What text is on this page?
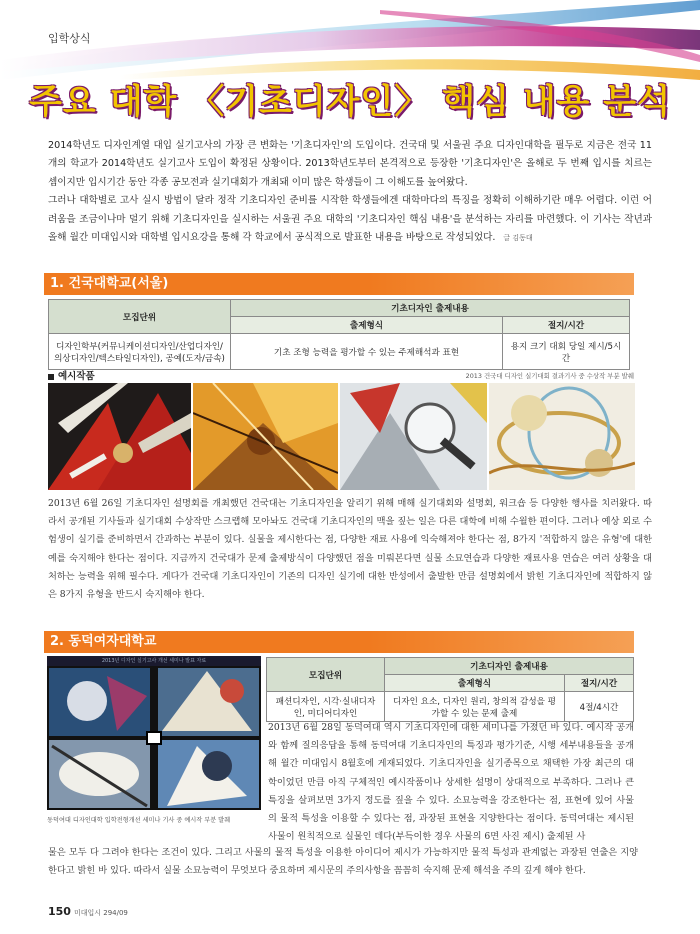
입학상식
주요 대학 〈기초디자인〉 핵심 내용 분석

2014학년도 디자인계열 대입 실기고사의 가장 큰 변화는 '기초디자인'의 도입이다. 건국대 및 서울권 주요 디자인대학을 필두로 지금은 전국 11개의 학교가 2014학년도 실기고사 도입이 확정된 상황이다. 2013학년도부터 본격적으로 등장한 '기초디자인'은 올해로 두 번째 입시를 치르는 셈이지만 입시기간 동안 각종 공모전과 실기대회가 개최돼 이미 많은 학생들이 그 이해도를 높여왔다.

그러나 대학별로 고사 실시 방법이 달라 정작 기초디자인 준비를 시작한 학생들에겐 대학마다의 특징을 정확히 이해하기란 매우 어렵다. 이런 어려움을 조금이나마 덜기 위해 기초디자인을 실시하는 서울권 주요 대학의 '기초디자인 핵심 내용'을 분석하는 자리를 마련했다. 이 기사는 작년과 올해 월간 미대입시와 대학별 입시요강을 통해 각 학교에서 공식적으로 발표한 내용을 바탕으로 작성되었다. 글 김동대

1. 건국대학교(서울)
모집단위	기초디자인 출제내용	
	출제형식	절지/시간
디자인학부(커뮤니케이션디자인/산업디자인/의상디자인/텍스타일디자인), 공예(도자/금속)	기초 조형 능력을 평가할 수 있는 주제해석과 표현	용지 크기 대회 당일 제시/5시간
예시작품	2013 건국대 디자인 실기대회 결과기사 중 수상작 부분 발췌
2013년 6월 26일 기초디자인 설명회를 개최했던 건국대는 기초디자인을 알리기 위해 매해 실기대회와 설명회, 워크숍 등 다양한 행사를 치러왔다. 따라서 공개된 기사들과 실기대회 수상작만 스크랩해 모아놔도 건국대 기초디자인의 맥을 짚는 일은 다른 대학에 비해 수월한 편이다. 그러나 예상 외로 수험생이 실기를 준비하면서 간과하는 부분이 있다. 실물을 제시한다는 점, 다양한 재료 사용에 익숙해져야 한다는 점, 8가지 '적합하지 않은 유형'에 대한 예를 숙지해야 한다는 점이다. 지금까지 건국대가 문제 출제방식이 다양했던 점을 미뤄본다면 실물 소묘연습과 다양한 재료사용 연습은 여러 상황을 대처하는 능력을 위해 필수다. 게다가 건국대 기초디자인이 기존의 디자인 실기에 대한 반성에서 출발한 만큼 설명회에서 밝힌 기초디자인에 적합하지 않은 8가지 유형을 반드시 숙지해야 한다.
2. 동덕여자대학교
2013년 디자인 실기고사 개선 세미나 발표 자료
동덕여대 디자인대학 입학전형개선 세미나 기사 중 예시작 부분 발췌
모집단위	기초디자인 출제내용	
	출제형식	절지/시간
패션디자인, 시각·실내디자인, 미디어디자인	디자인 요소, 디자인 원리, 창의적 감성을 평가할 수 있는 문제 출제	4절/4시간
2013년 6월 28일 동덕여대 역시 기초디자인에 대한 세미나를 가졌던 바 있다. 예시작 공개와 함께 질의응답을 통해 동덕여대 기초디자인의 특징과 평가기준, 시행 세부내용들을 공개해 월간 미대입시 8월호에 게재되었다. 기초디자인을 실기종목으로 채택한 가장 최근의 대학이었던 만큼 아직 구체적인 예시작품이나 상세한 설명이 상대적으로 부족하다. 그러나 큰 특징을 살펴보면 3가지 정도를 짚을 수 있다. 소묘능력을 강조한다는 점, 표현에 있어 사물의 물적 특성을 이용할 수 있다는 점, 과장된 표현을 지양한다는 점이다. 동덕여대는 제시된 사물이 원칙적으로 실물인 데다(부득이한 경우 사물의 6면 사진 제시) 출제된 사
물은 모두 다 그려야 한다는 조건이 있다. 그리고 사물의 물적 특성을 이용한 아이디어 제시가 가능하지만 물적 특성과 관계없는 과장된 연출은 지양한다고 밝힌 바 있다. 따라서 실물 소묘능력이 무엇보다 중요하며 제시문의 주의사항을 꼼꼼히 숙지해 문제 해석을 주의 깊게 해야 한다.
150 미대입시 294/09
